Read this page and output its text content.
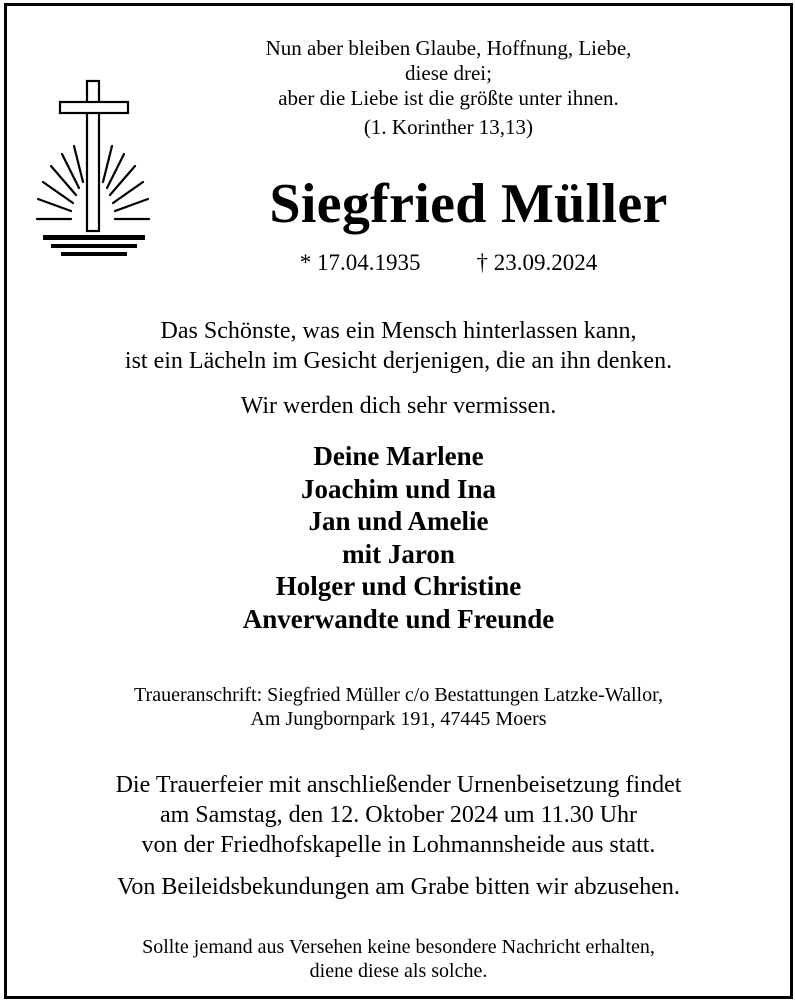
Nun aber bleiben Glaube, Hoffnung, Liebe,
diese drei;
aber die Liebe ist die größte unter ihnen.
(1. Korinther 13,13)
Siegfried Müller
* 17.04.1935 † 23.09.2024
Das Schönste, was ein Mensch hinterlassen kann,
ist ein Lächeln im Gesicht derjenigen, die an ihn denken.
Wir werden dich sehr vermissen.
Deine Marlene
Joachim und Ina
Jan und Amelie
mit Jaron
Holger und Christine
Anverwandte und Freunde
Traueranschrift: Siegfried Müller c/o Bestattungen Latzke-Wallor,
Am Jungbornpark 191, 47445 Moers
Die Trauerfeier mit anschließender Urnenbeisetzung findet
am Samstag, den 12. Oktober 2024 um 11.30 Uhr
von der Friedhofskapelle in Lohmannsheide aus statt.
Von Beileidsbekundungen am Grabe bitten wir abzusehen.
Sollte jemand aus Versehen keine besondere Nachricht erhalten,
diene diese als solche.
